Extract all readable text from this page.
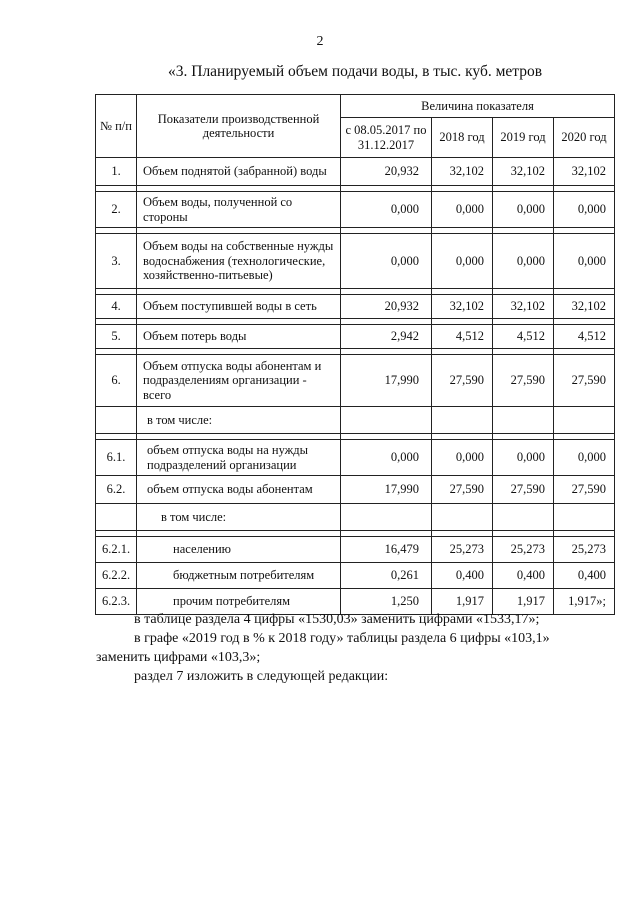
2
«3. Планируемый объем подачи воды, в тыс. куб. метров
№ п/п	Показатели производственной деятельности	Величина показателя			
		с 08.05.2017 по 31.12.2017	2018 год	2019 год	2020 год
1.	Объем поднятой (забранной) воды	20,932	32,102	32,102	32,102

2.	Объем воды, полученной со стороны	0,000	0,000	0,000	0,000

3.	Объем воды на собственные нужды водоснабжения (технологические, хозяйственно-питьевые)	0,000	0,000	0,000	0,000

4.	Объем поступившей воды в сеть	20,932	32,102	32,102	32,102

5.	Объем потерь воды	2,942	4,512	4,512	4,512

6.	Объем отпуска воды абонентам и подразделениям организации - всего	17,990	27,590	27,590	27,590
	в том числе:				

6.1.	объем отпуска воды на нужды подразделений организации	0,000	0,000	0,000	0,000
6.2.	объем отпуска воды абонентам	17,990	27,590	27,590	27,590
	в том числе:				

6.2.1.	населению	16,479	25,273	25,273	25,273
6.2.2.	бюджетным потребителям	0,261	0,400	0,400	0,400
6.2.3.	прочим потребителям	1,250	1,917	1,917	1,917»;

в таблице раздела 4 цифры «1530,03» заменить цифрами «1533,17»;

в графе «2019 год в % к 2018 году» таблицы раздела 6 цифры «103,1»

заменить цифрами «103,3»;

раздел 7 изложить в следующей редакции:
